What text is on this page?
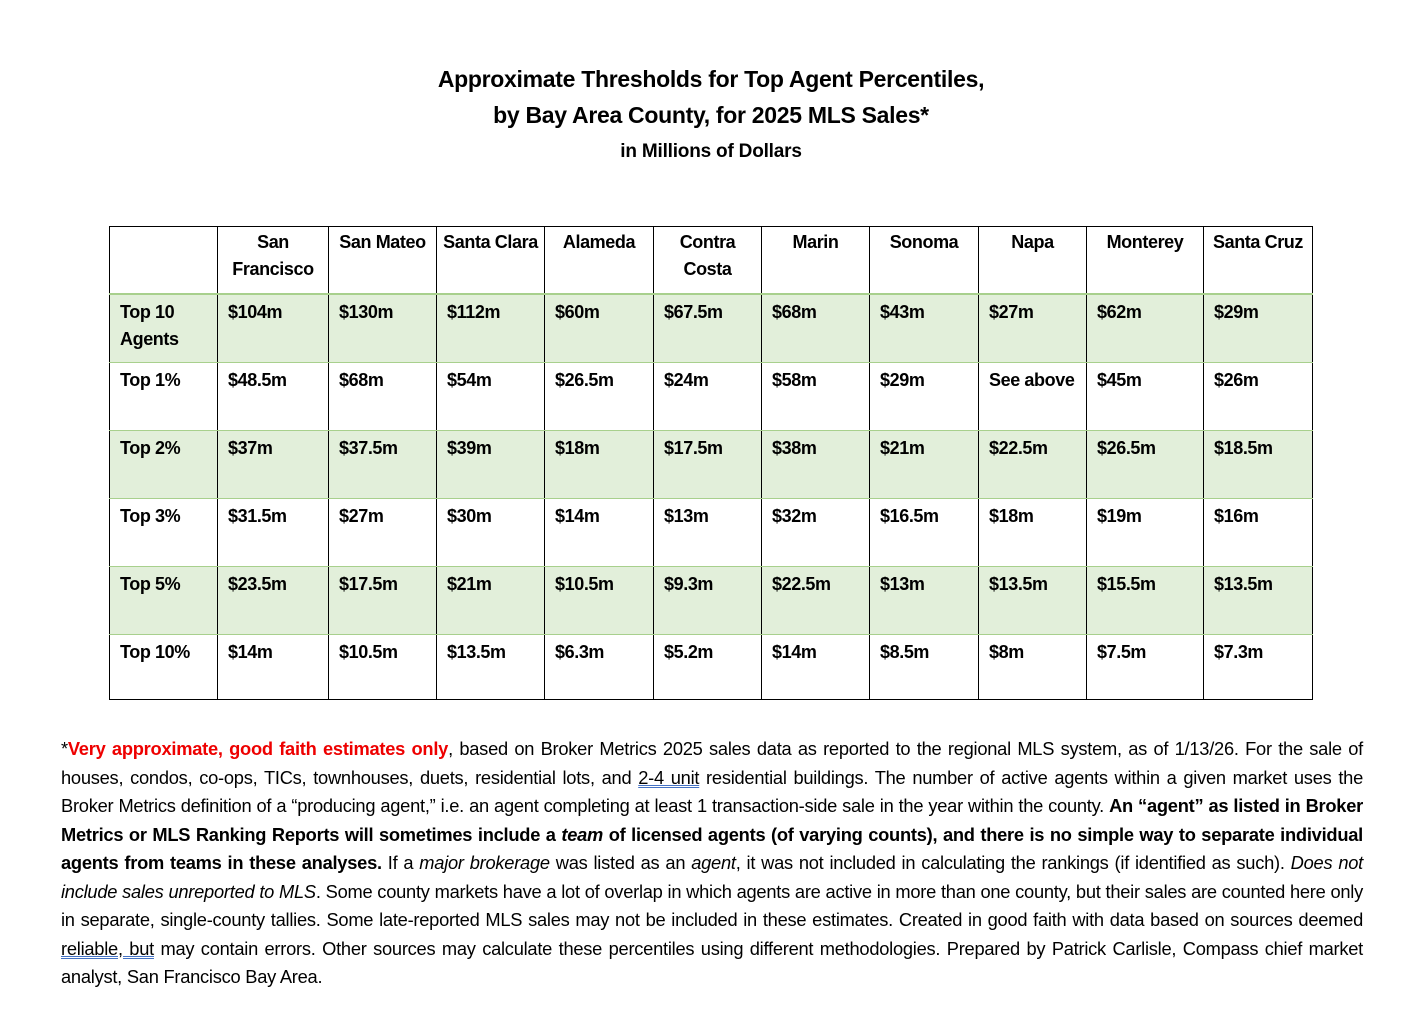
Approximate Thresholds for Top Agent Percentiles,
by Bay Area County, for 2025 MLS Sales*
in Millions of Dollars
	San Francisco	San Mateo	Santa Clara	Alameda	Contra Costa	Marin	Sonoma	Napa	Monterey	Santa Cruz
Top 10 Agents	$104m	$130m	$112m	$60m	$67.5m	$68m	$43m	$27m	$62m	$29m
Top 1%	$48.5m	$68m	$54m	$26.5m	$24m	$58m	$29m	See above	$45m	$26m
Top 2%	$37m	$37.5m	$39m	$18m	$17.5m	$38m	$21m	$22.5m	$26.5m	$18.5m
Top 3%	$31.5m	$27m	$30m	$14m	$13m	$32m	$16.5m	$18m	$19m	$16m
Top 5%	$23.5m	$17.5m	$21m	$10.5m	$9.3m	$22.5m	$13m	$13.5m	$15.5m	$13.5m
Top 10%	$14m	$10.5m	$13.5m	$6.3m	$5.2m	$14m	$8.5m	$8m	$7.5m	$7.3m
*Very approximate, good faith estimates only, based on Broker Metrics 2025 sales data as reported to the regional MLS system, as of 1/13/26. For the sale of houses, condos, co-ops, TICs, townhouses, duets, residential lots, and 2-4 unit residential buildings. The number of active agents within a given market uses the Broker Metrics definition of a “producing agent,” i.e. an agent completing at least 1 transaction-side sale in the year within the county. An “agent” as listed in Broker Metrics or MLS Ranking Reports will sometimes include a team of licensed agents (of varying counts), and there is no simple way to separate individual agents from teams in these analyses. If a major brokerage was listed as an agent, it was not included in calculating the rankings (if identified as such). Does not include sales unreported to MLS. Some county markets have a lot of overlap in which agents are active in more than one county, but their sales are counted here only in separate, single-county tallies. Some late-reported MLS sales may not be included in these estimates. Created in good faith with data based on sources deemed reliable, but may contain errors. Other sources may calculate these percentiles using different methodologies. Prepared by Patrick Carlisle, Compass chief market analyst, San Francisco Bay Area.
